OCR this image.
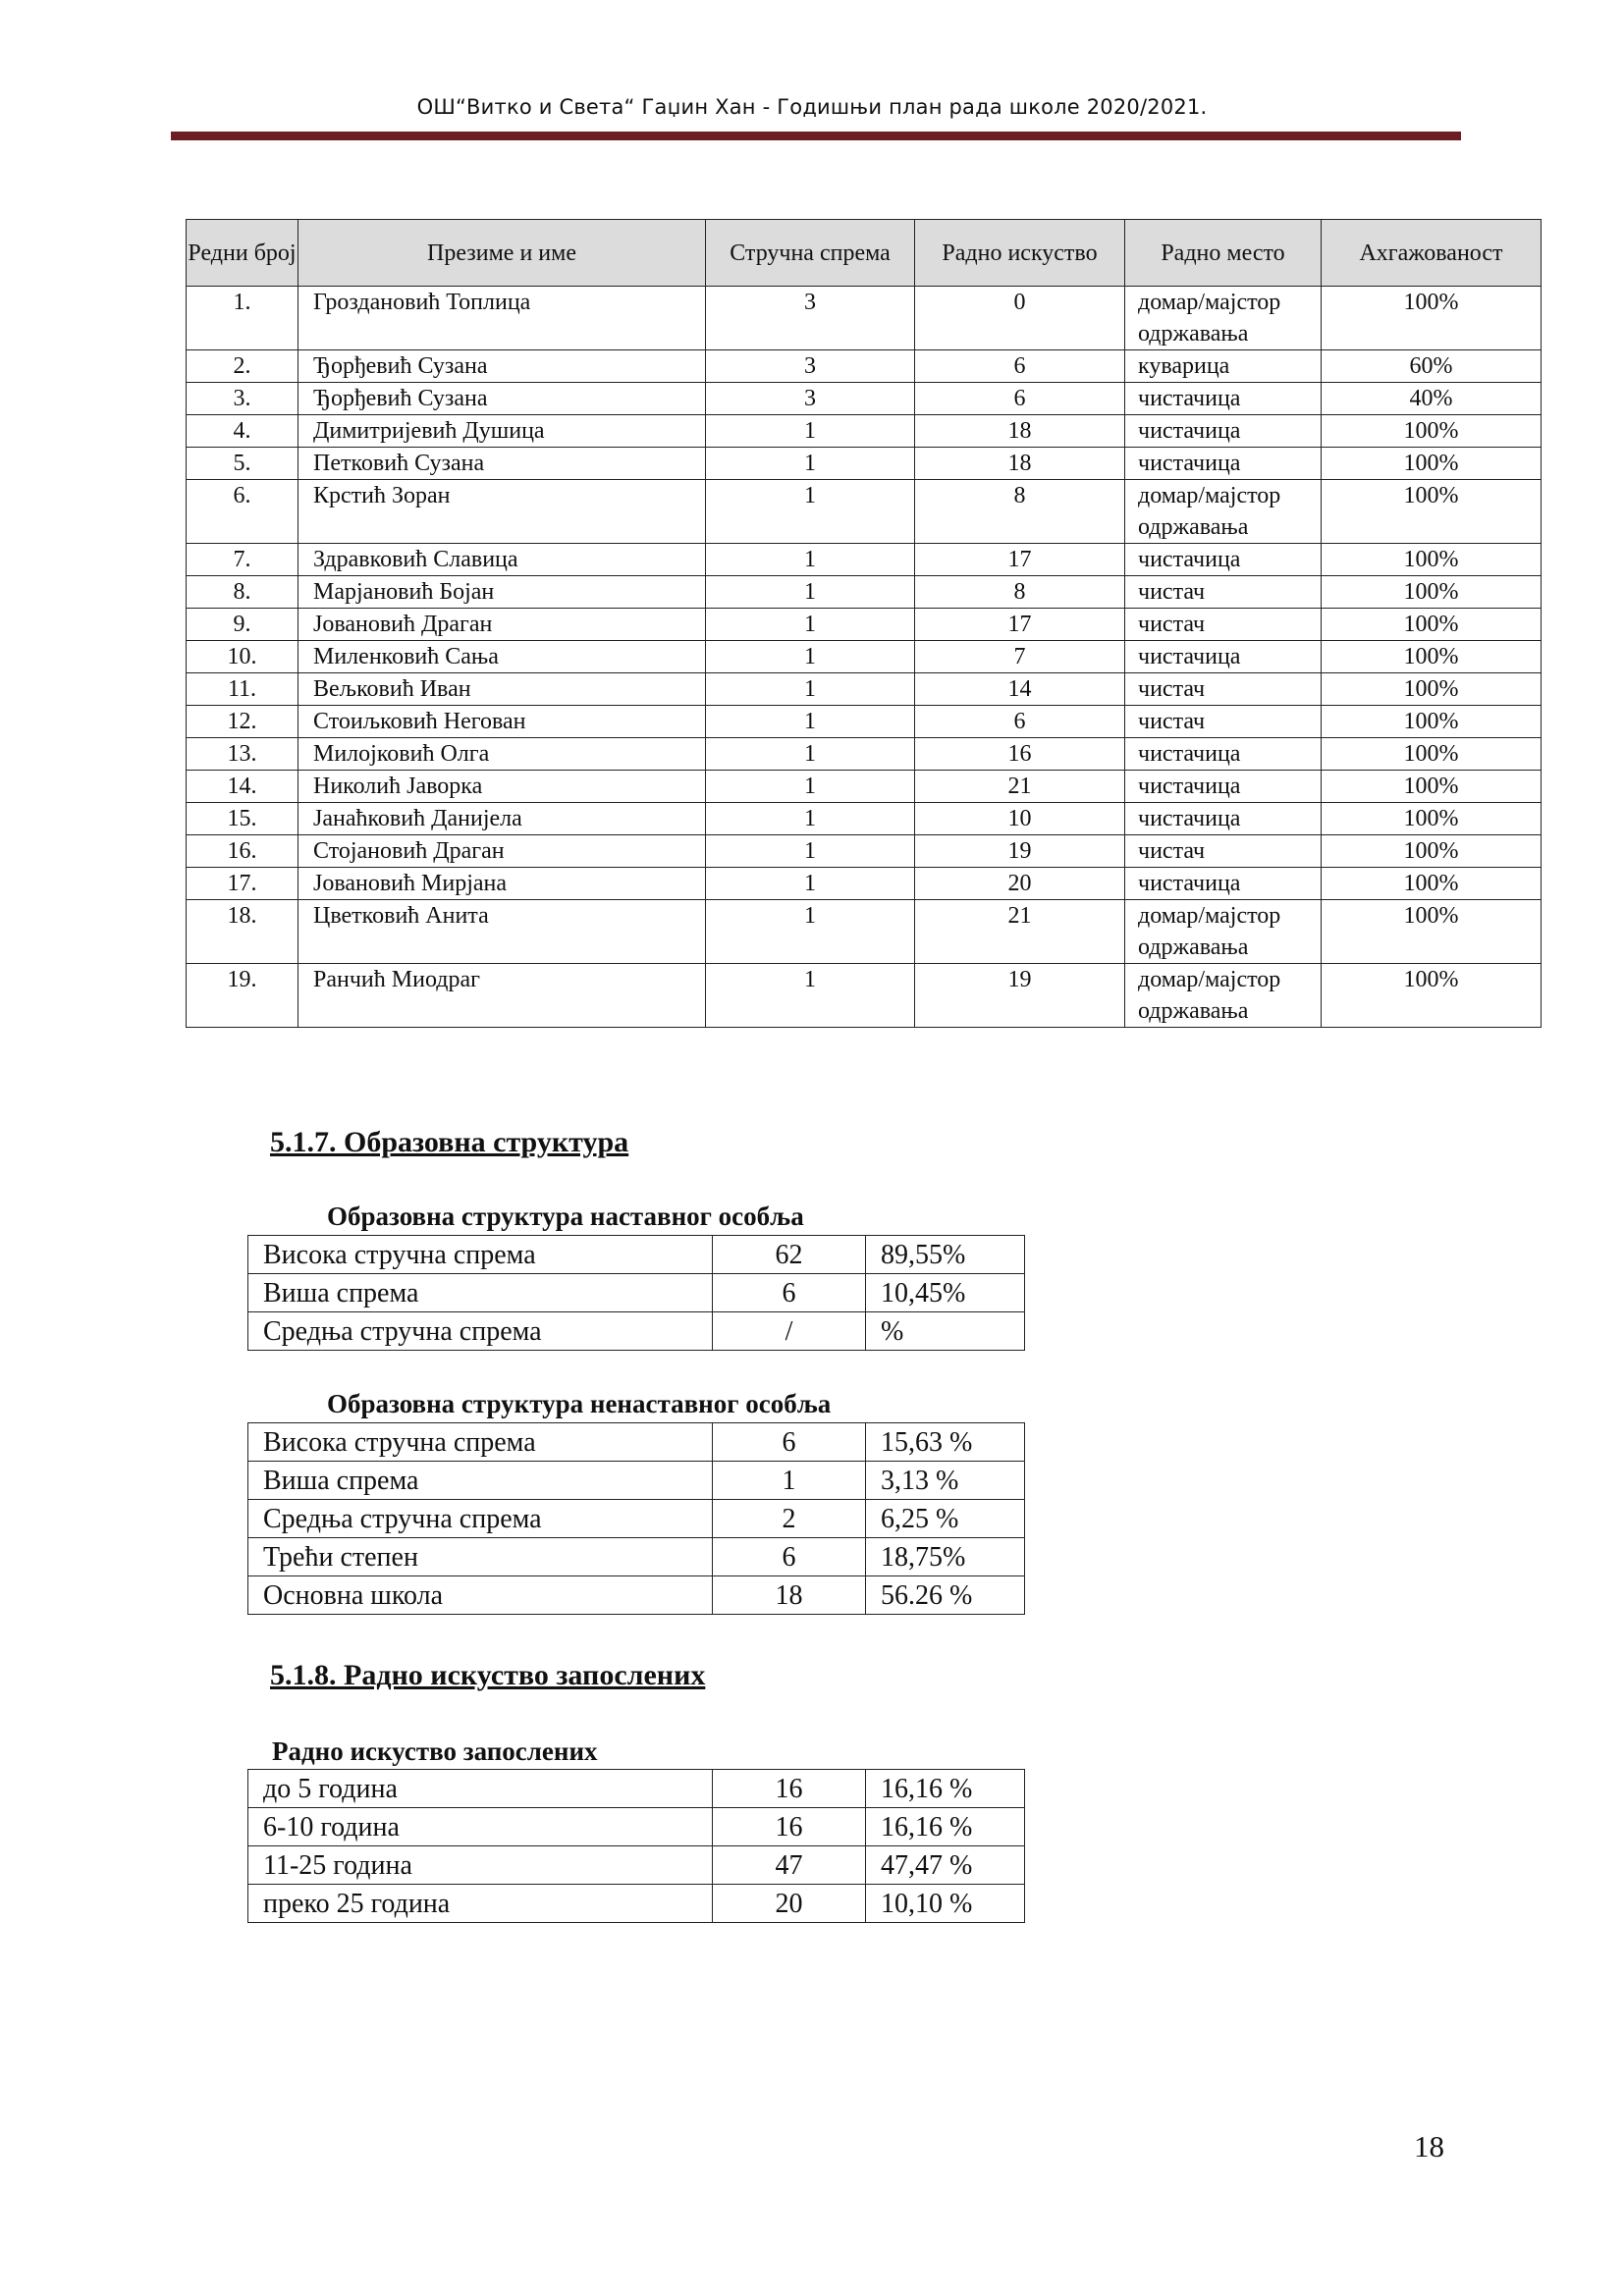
ОШ“Витко и Света“ Гаџин Хан - Годишњи план рада школе 2020/2021.
Редни број	Презиме и име	Стручна спрема	Радно искуство	Радно место	Ахгажованост
1.	Гроздановић Топлица	3	0	домар/мајстор одржавања	100%
2.	Ђорђевић Сузана	3	6	куварица	60%
3.	Ђорђевић Сузана	3	6	чистачица	40%
4.	Димитријевић Душица	1	18	чистачица	100%
5.	Петковић Сузана	1	18	чистачица	100%
6.	Крстић Зоран	1	8	домар/мајстор одржавања	100%
7.	Здравковић Славица	1	17	чистачица	100%
8.	Марјановић Бојан	1	8	чистач	100%
9.	Јовановић Драган	1	17	чистач	100%
10.	Миленковић Сања	1	7	чистачица	100%
11.	Вељковић Иван	1	14	чистач	100%
12.	Стоиљковић Негован	1	6	чистач	100%
13.	Милојковић Олга	1	16	чистачица	100%
14.	Николић Јаворка	1	21	чистачица	100%
15.	Јанаћковић Данијела	1	10	чистачица	100%
16.	Стојановић Драган	1	19	чистач	100%
17.	Јовановић Мирјана	1	20	чистачица	100%
18.	Цветковић Анита	1	21	домар/мајстор одржавања	100%
19.	Ранчић Миодраг	1	19	домар/мајстор одржавања	100%
5.1.7. Образовна структура
Образовна структура наставног особља
Висока стручна спрема	62	89,55%
Виша спрема	6	10,45%
Средња стручна спрема	/	%
Образовна структура ненаставног особља
Висока стручна спрема	6	15,63 %
Виша спрема	1	3,13 %
Средња стручна спрема	2	6,25 %
Трећи степен	6	18,75%
Основна школа	18	56.26 %
5.1.8. Радно искуство запослених
Радно искуство запослених
до 5 година	16	16,16 %
6-10 година	16	16,16 %
11-25 година	47	47,47 %
преко 25 година	20	10,10 %
18
